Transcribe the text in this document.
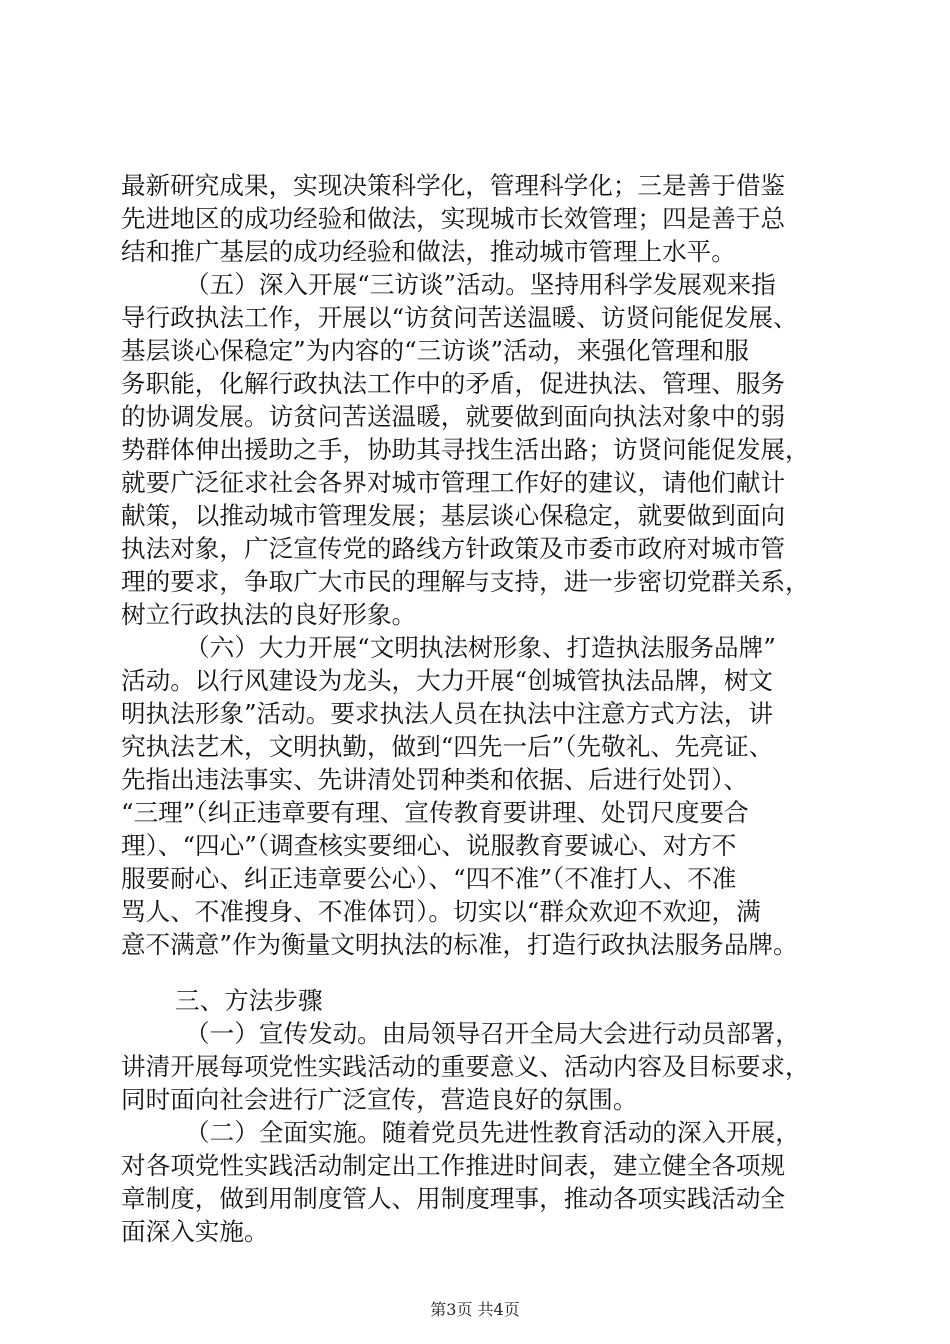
最新研究成果，实现决策科学化，管理科学化；三是善于借鉴
先进地区的成功经验和做法，实现城市长效管理；四是善于总
结和推广基层的成功经验和做法，推动城市管理上水平。
（五）深入开展“三访谈”活动。坚持用科学发展观来指
导行政执法工作，开展以“访贫问苦送温暖、访贤问能促发展、
基层谈心保稳定”为内容的“三访谈”活动，来强化管理和服
务职能，化解行政执法工作中的矛盾，促进执法、管理、服务
的协调发展。访贫问苦送温暖，就要做到面向执法对象中的弱
势群体伸出援助之手，协助其寻找生活出路；访贤问能促发展，
就要广泛征求社会各界对城市管理工作好的建议，请他们献计
献策，以推动城市管理发展；基层谈心保稳定，就要做到面向
执法对象，广泛宣传党的路线方针政策及市委市政府对城市管
理的要求，争取广大市民的理解与支持，进一步密切党群关系，
树立行政执法的良好形象。
（六）大力开展“文明执法树形象、打造执法服务品牌”
活动。以行风建设为龙头，大力开展“创城管执法品牌，树文
明执法形象”活动。要求执法人员在执法中注意方式方法，讲
究执法艺术，文明执勤，做到“四先一后”（先敬礼、先亮证、
先指出违法事实、先讲清处罚种类和依据、后进行处罚）、
“三理”（纠正违章要有理、宣传教育要讲理、处罚尺度要合
理）、“四心”（调查核实要细心、说服教育要诚心、对方不
服要耐心、纠正违章要公心）、“四不准”（不准打人、不准
骂人、不准搜身、不准体罚）。切实以“群众欢迎不欢迎，满
意不满意”作为衡量文明执法的标准，打造行政执法服务品牌。
三、方法步骤
（一）宣传发动。由局领导召开全局大会进行动员部署，
讲清开展每项党性实践活动的重要意义、活动内容及目标要求，
同时面向社会进行广泛宣传，营造良好的氛围。
（二）全面实施。随着党员先进性教育活动的深入开展，
对各项党性实践活动制定出工作推进时间表，建立健全各项规
章制度，做到用制度管人、用制度理事，推动各项实践活动全
面深入实施。
第3页 共4页
